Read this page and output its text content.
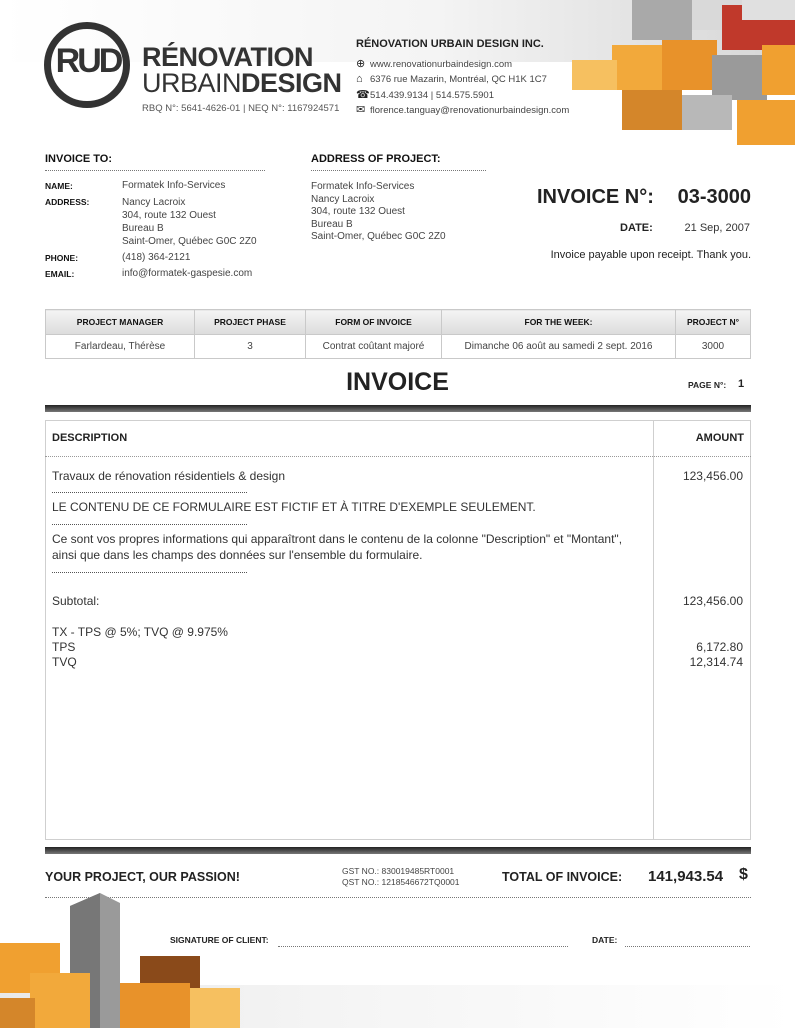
RUD RÉNOVATION
URBAINDESIGN
RBQ N°: 5641-4626-01 | NEQ N°: 1167924571
RÉNOVATION URBAIN DESIGN INC.
⊕ www.renovationurbaindesign.com
⌂ 6376 rue Mazarin, Montréal, QC H1K 1C7
☎514.439.9134 | 514.575.5901
✉ florence.tanguay@renovationurbaindesign.com
INVOICE TO:
NAME:	Formatek Info-Services
ADDRESS:	Nancy Lacroix
304, route 132 Ouest
Bureau B
Saint-Omer, Québec G0C 2Z0
PHONE:	(418) 364-2121
EMAIL:	info@formatek-gaspesie.com
ADDRESS OF PROJECT:
Formatek Info-Services
Nancy Lacroix
304, route 132 Ouest
Bureau B
Saint-Omer, Québec G0C 2Z0
INVOICE N°: 03-3000
DATE:	21 Sep, 2007
Invoice payable upon receipt. Thank you.
PROJECT MANAGER	PROJECT PHASE	FORM OF INVOICE	FOR THE WEEK:	PROJECT N°
Farlardeau, Thérèse	3	Contrat coûtant majoré	Dimanche 06 août au samedi 2 sept. 2016	3000
INVOICE	PAGE N°: 1
DESCRIPTION	AMOUNT
Travaux de rénovation résidentiels & design	123,456.00
LE CONTENU DE CE FORMULAIRE EST FICTIF ET À TITRE D'EXEMPLE SEULEMENT.
Ce sont vos propres informations qui apparaîtront dans le contenu de la colonne "Description" et "Montant",
ainsi que dans les champs des données sur l'ensemble du formulaire.
Subtotal:	123,456.00
TX - TPS @ 5%; TVQ @ 9.975%
TPS	6,172.80
TVQ	12,314.74
YOUR PROJECT, OUR PASSION!	GST NO.: 830019485RT0001
QST NO.: 1218546672TQ0001	TOTAL OF INVOICE: 141,943.54 $
SIGNATURE OF CLIENT:	DATE:
